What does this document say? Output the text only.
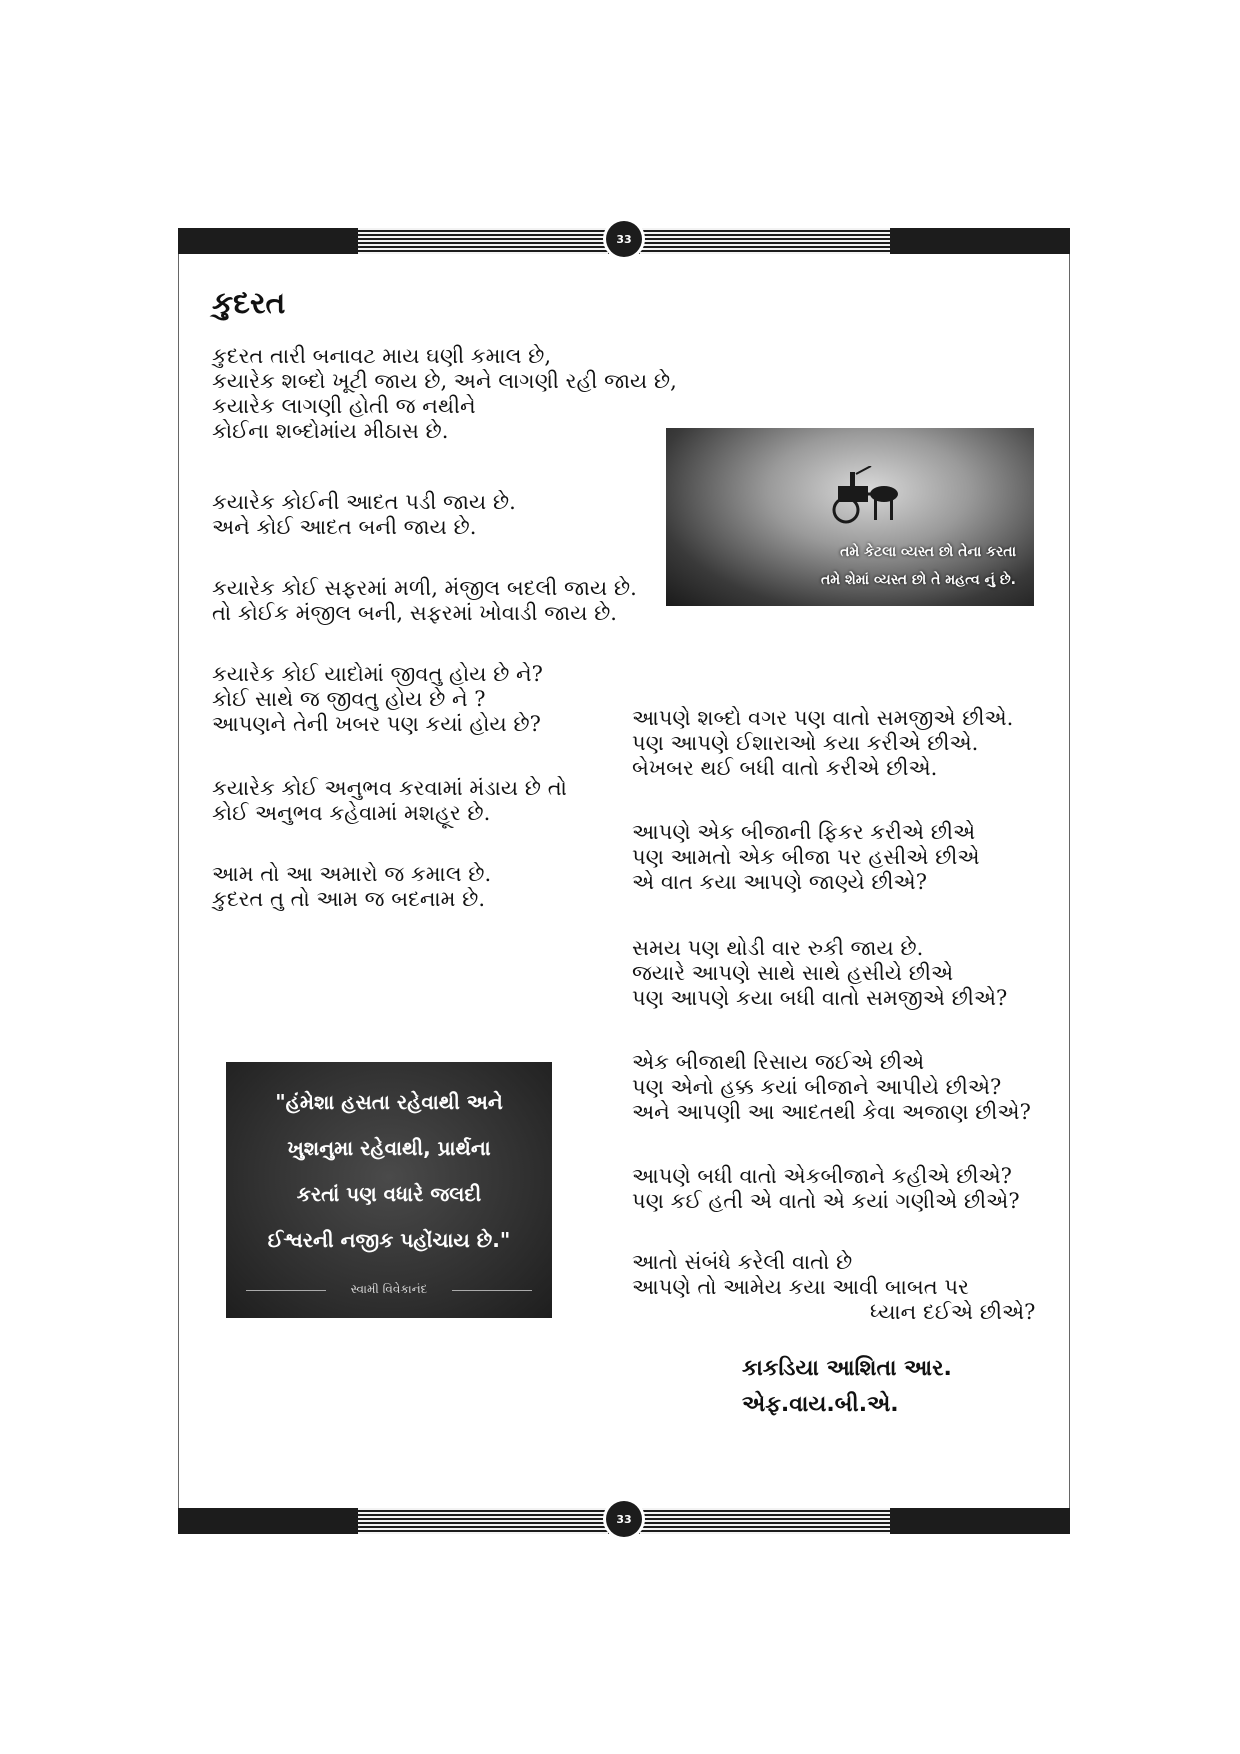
33
33
કુદરત
કુદરત તારી બનાવટ માય ઘણી કમાલ છે,
કયારેક શબ્દો ખૂટી જાય છે, અને લાગણી રહી જાય છે,
કયારેક લાગણી હોતી જ નથીને
કોઈના શબ્દોમાંય મીઠાસ છે.
કયારેક કોઈની આદત પડી જાય છે.
અને કોઈ આદત બની જાય છે.
કયારેક કોઈ સફરમાં મળી, મંજીલ બદલી જાય છે.
તો કોઈક મંજીલ બની, સફરમાં ખોવાડી જાય છે.
કયારેક કોઈ યાદોમાં જીવતુ હોય છે ને?
કોઈ સાથે જ જીવતુ હોય છે ને ?
આપણને તેની ખબર પણ કયાં હોય છે?
કયારેક કોઈ અનુભવ કરવામાં મંડાય છે તો
કોઈ અનુભવ કહેવામાં મશહૂર છે.
આમ તો આ અમારો જ કમાલ છે.
કુદરત તુ તો આમ જ બદનામ છે.
તમે કેટલા વ્યસ્ત છો તેના કરતા
તમે શેમાં વ્યસ્ત છો તે મહત્વ નું છે.
આપણે શબ્દો વગર પણ વાતો સમજીએ છીએ.
પણ આપણે ઈશારાઓ કયા કરીએ છીએ.
બેખબર થઈ બધી વાતો કરીએ છીએ.
આપણે એક બીજાની ફિકર કરીએ છીએ
પણ આમતો એક બીજા પર હસીએ છીએ
એ વાત કયા આપણે જાણ્યે છીએ?
સમય પણ થોડી વાર રુકી જાય છે.
જયારે આપણે સાથે સાથે હસીયે છીએ
પણ આપણે કયા બધી વાતો સમજીએ છીએ?
એક બીજાથી રિસાય જઈએ છીએ
પણ એનો હક્ક કયાં બીજાને આપીયે છીએ?
અને આપણી આ આદતથી કેવા અજાણ છીએ?
આપણે બધી વાતો એકબીજાને કહીએ છીએ?
પણ કઈ હતી એ વાતો એ કયાં ગણીએ છીએ?
આતો સંબંધે કરેલી વાતો છે
આપણે તો આમેય કયા આવી બાબત પર
ધ્યાન દઈએ છીએ?
"હંમેશા હસતા રહેવાથી અને
ખુશનુમા રહેવાથી, પ્રાર્થના
કરતાં પણ વધારે જલદી
ઈશ્વરની નજીક પહોંચાય છે."
સ્વામી વિવેકાનંદ
કાકડિયા આશિતા આર.
એફ.વાય.બી.એ.
